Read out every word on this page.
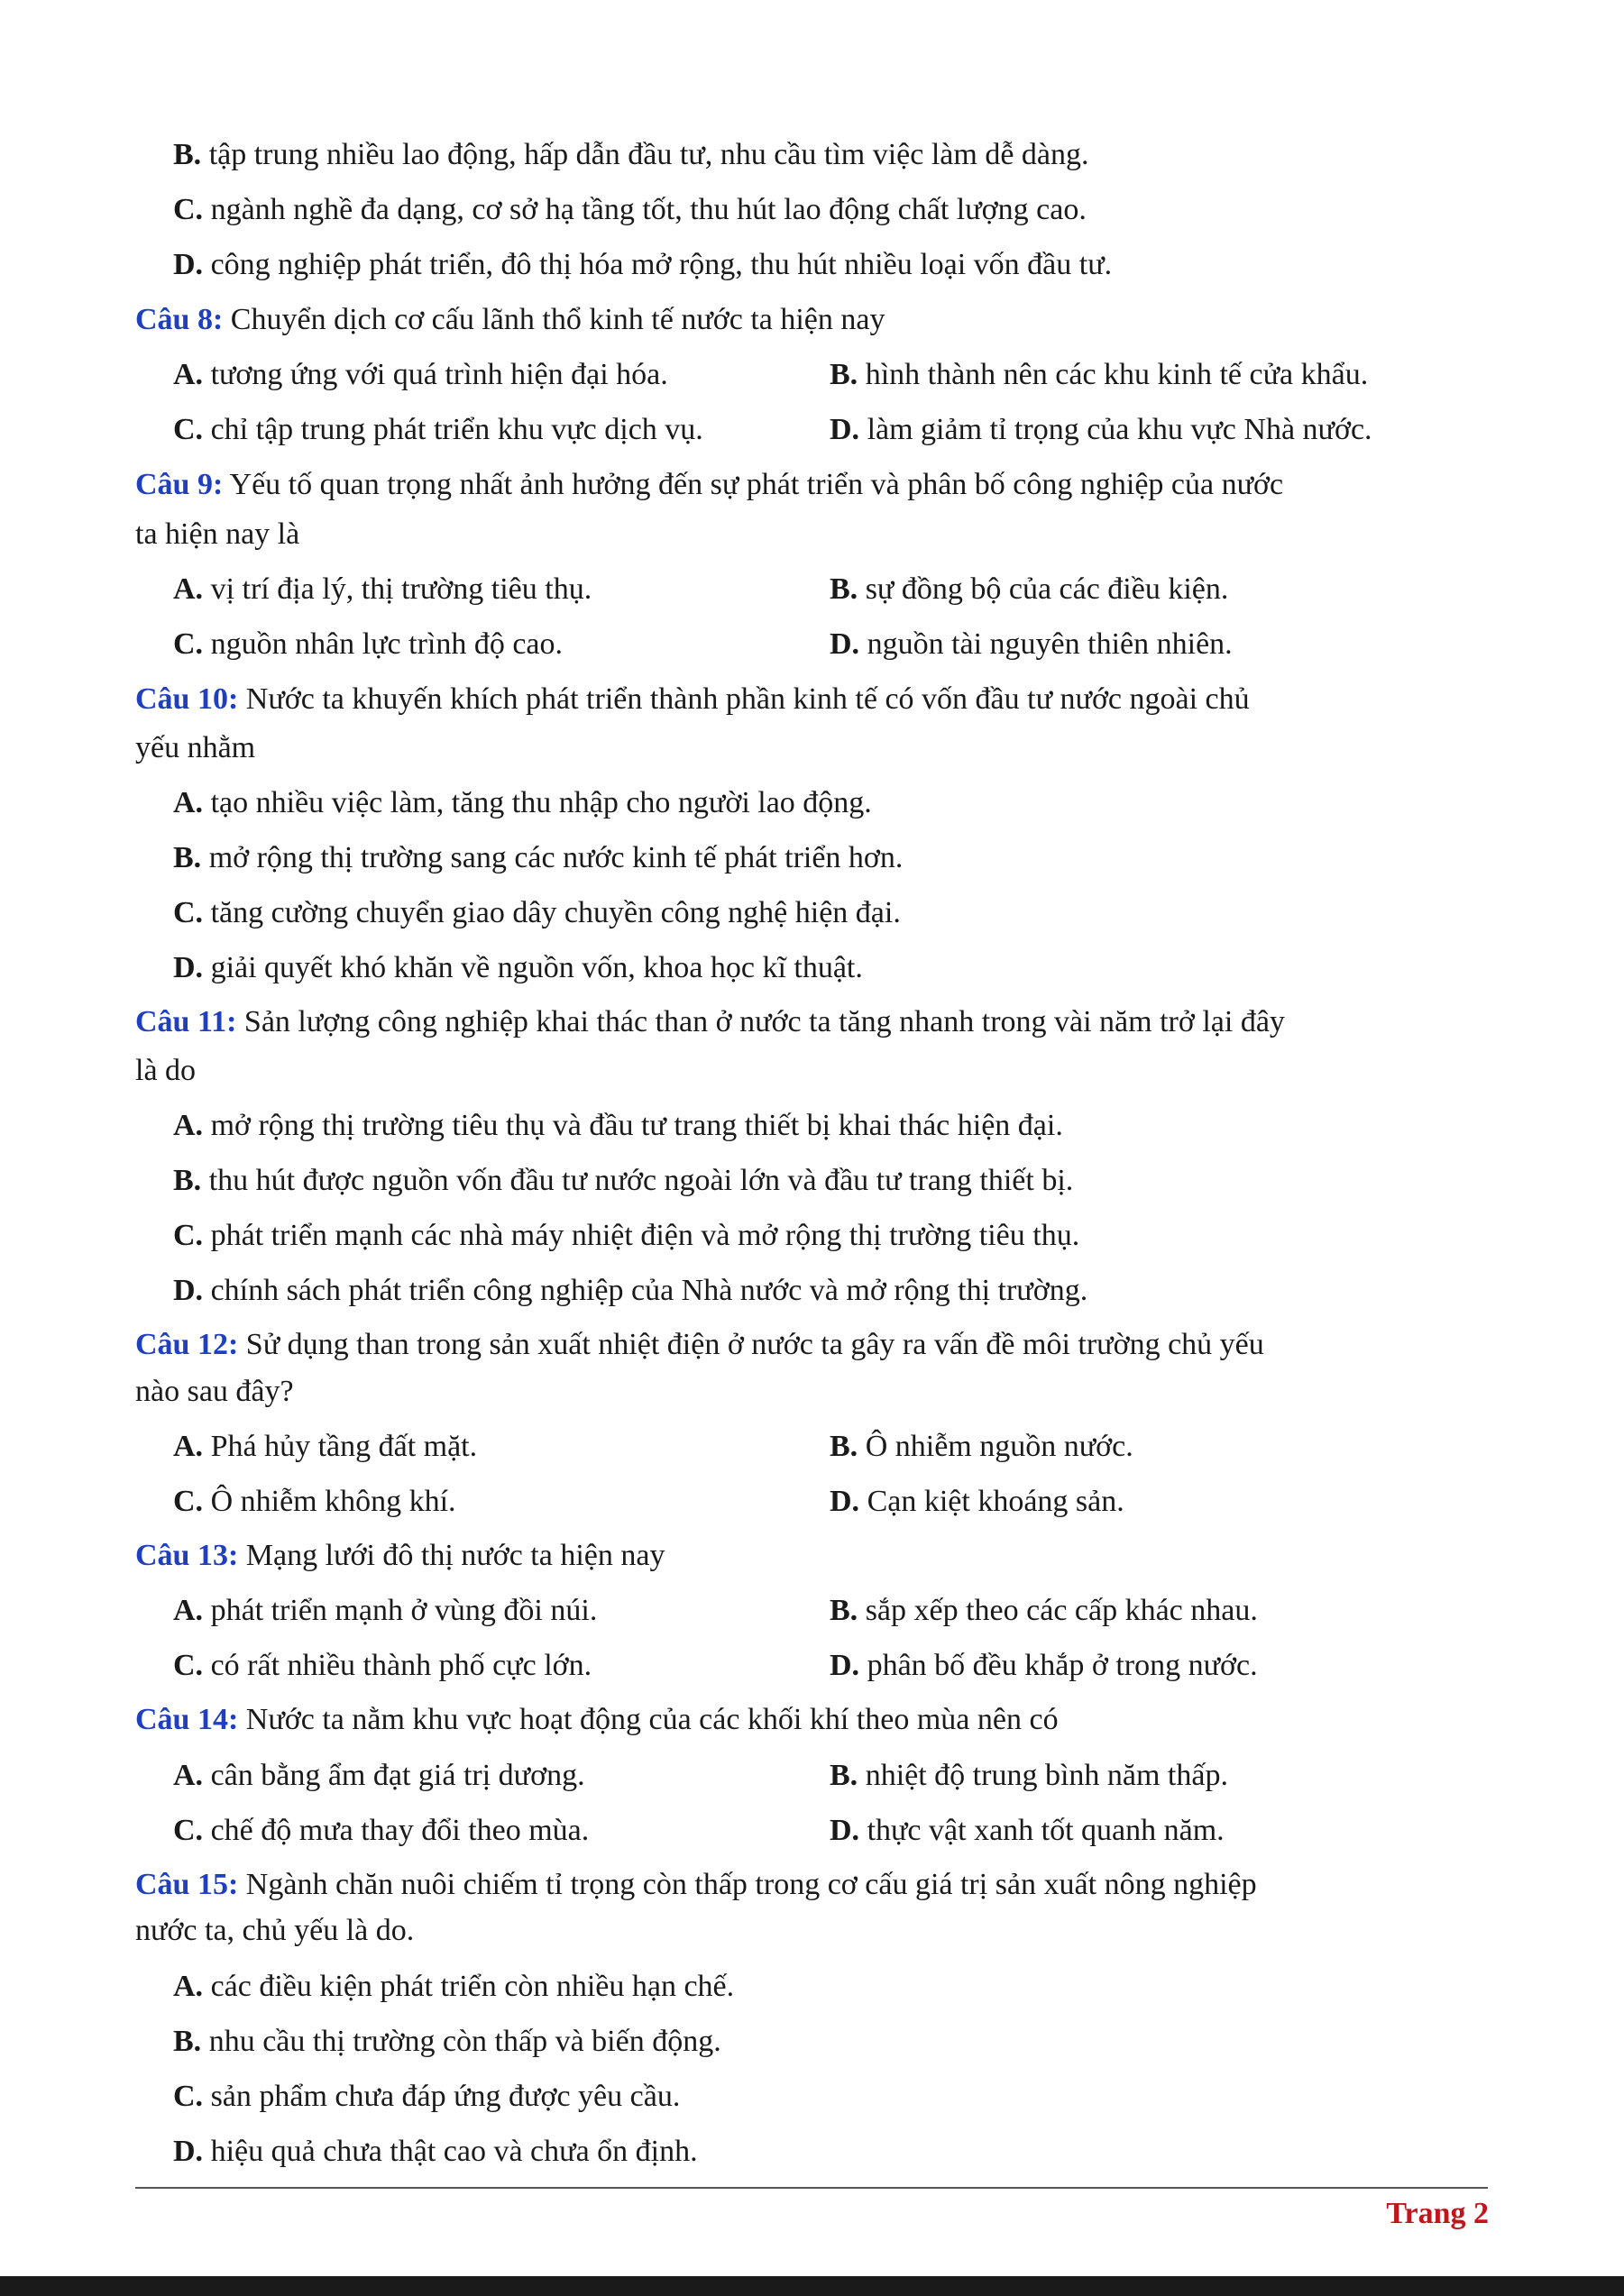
B. tập trung nhiều lao động, hấp dẫn đầu tư, nhu cầu tìm việc làm dễ dàng.
C. ngành nghề đa dạng, cơ sở hạ tầng tốt, thu hút lao động chất lượng cao.
D. công nghiệp phát triển, đô thị hóa mở rộng, thu hút nhiều loại vốn đầu tư.
Câu 8: Chuyển dịch cơ cấu lãnh thổ kinh tế nước ta hiện nay
A. tương ứng với quá trình hiện đại hóa.	B. hình thành nên các khu kinh tế cửa khẩu.
C. chỉ tập trung phát triển khu vực dịch vụ.	D. làm giảm tỉ trọng của khu vực Nhà nước.
Câu 9: Yếu tố quan trọng nhất ảnh hưởng đến sự phát triển và phân bố công nghiệp của nước
ta hiện nay là
A. vị trí địa lý, thị trường tiêu thụ.	B. sự đồng bộ của các điều kiện.
C. nguồn nhân lực trình độ cao.	D. nguồn tài nguyên thiên nhiên.
Câu 10: Nước ta khuyến khích phát triển thành phần kinh tế có vốn đầu tư nước ngoài chủ
yếu nhằm
A. tạo nhiều việc làm, tăng thu nhập cho người lao động.
B. mở rộng thị trường sang các nước kinh tế phát triển hơn.
C. tăng cường chuyển giao dây chuyền công nghệ hiện đại.
D. giải quyết khó khăn về nguồn vốn, khoa học kĩ thuật.
Câu 11: Sản lượng công nghiệp khai thác than ở nước ta tăng nhanh trong vài năm trở lại đây
là do
A. mở rộng thị trường tiêu thụ và đầu tư trang thiết bị khai thác hiện đại.
B. thu hút được nguồn vốn đầu tư nước ngoài lớn và đầu tư trang thiết bị.
C. phát triển mạnh các nhà máy nhiệt điện và mở rộng thị trường tiêu thụ.
D. chính sách phát triển công nghiệp của Nhà nước và mở rộng thị trường.
Câu 12: Sử dụng than trong sản xuất nhiệt điện ở nước ta gây ra vấn đề môi trường chủ yếu
nào sau đây?
A. Phá hủy tầng đất mặt.	B. Ô nhiễm nguồn nước.
C. Ô nhiễm không khí.	D. Cạn kiệt khoáng sản.
Câu 13: Mạng lưới đô thị nước ta hiện nay
A. phát triển mạnh ở vùng đồi núi.	B. sắp xếp theo các cấp khác nhau.
C. có rất nhiều thành phố cực lớn.	D. phân bố đều khắp ở trong nước.
Câu 14: Nước ta nằm khu vực hoạt động của các khối khí theo mùa nên có
A. cân bằng ẩm đạt giá trị dương.	B. nhiệt độ trung bình năm thấp.
C. chế độ mưa thay đổi theo mùa.	D. thực vật xanh tốt quanh năm.
Câu 15: Ngành chăn nuôi chiếm tỉ trọng còn thấp trong cơ cấu giá trị sản xuất nông nghiệp
nước ta, chủ yếu là do.
A. các điều kiện phát triển còn nhiều hạn chế.
B. nhu cầu thị trường còn thấp và biến động.
C. sản phẩm chưa đáp ứng được yêu cầu.
D. hiệu quả chưa thật cao và chưa ổn định.
Trang 2
